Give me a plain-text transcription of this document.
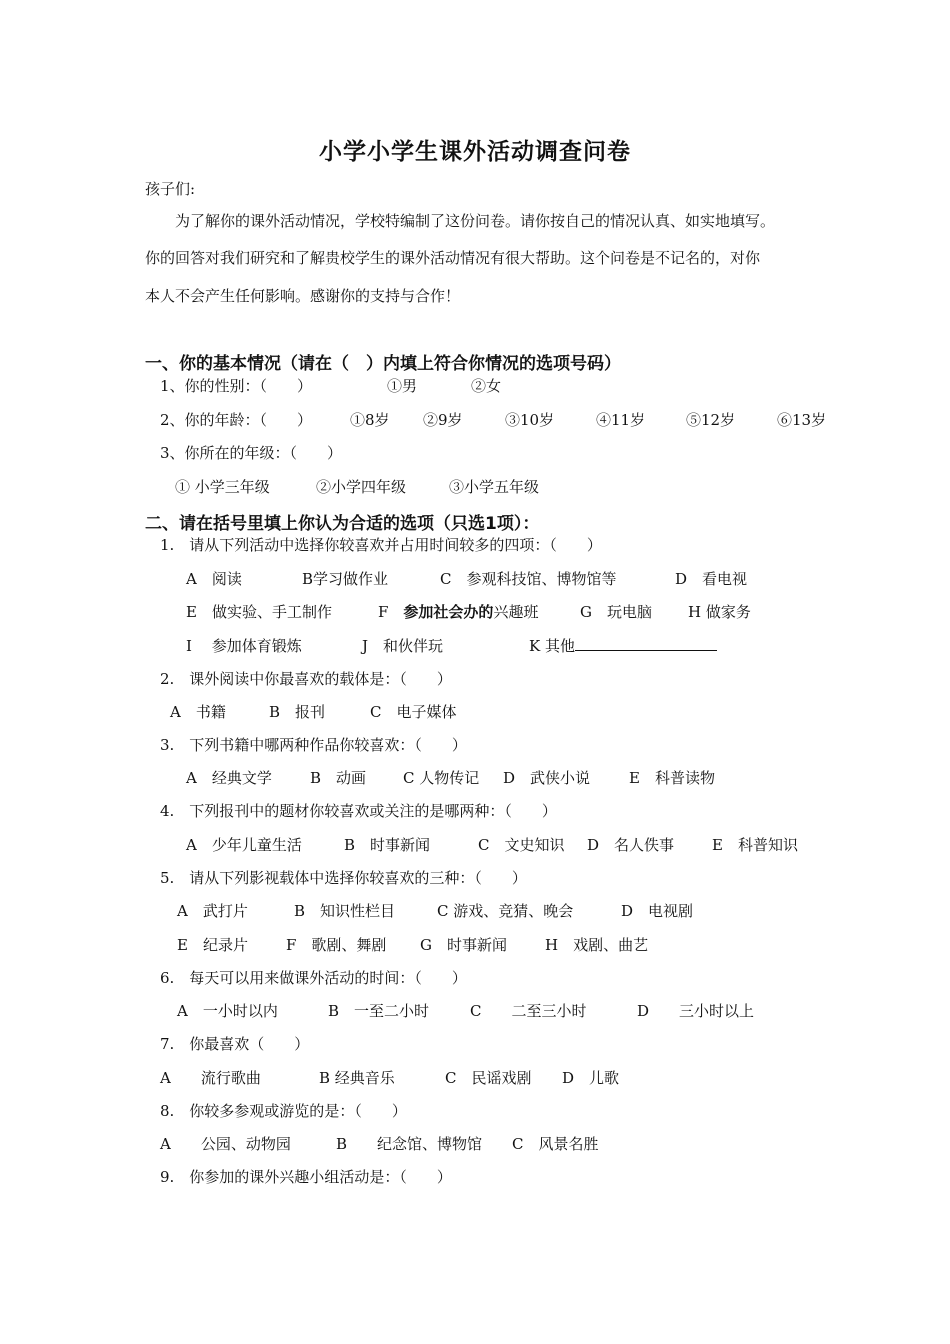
小学小学生课外活动调查问卷
孩子们:
为了解你的课外活动情况，学校特编制了这份问卷。请你按自己的情况认真、如实地填写。
你的回答对我们研究和了解贵校学生的课外活动情况有很大帮助。这个问卷是不记名的，对你
本人不会产生任何影响。感谢你的支持与合作！
一、你的基本情况（请在（　）内填上符合你情况的选项号码）
1、你的性别：（　　）	①男	②女
2、你的年龄：（　　）	①8岁 ②9岁	③10岁	④11岁	⑤12岁	⑥13岁
3、你所在的年级：（　　）
① 小学三年级	②小学四年级	③小学五年级
二、请在括号里填上你认为合适的选项（只选1项）：
1.　请从下列活动中选择你较喜欢并占用时间较多的四项：（　　）
A　阅读	B学习做作业	C　参观科技馆、博物馆等	D　看电视
E　做实验、手工制作	F　参加社会办的兴趣班	G　玩电脑 H 做家务
I　 参加体育锻炼	J　和伙伴玩	K 其他
2.　课外阅读中你最喜欢的载体是：（　　）
A　书籍	B　报刊	C　电子媒体
3.　下列书籍中哪两种作品你较喜欢：（　　）
A　经典文学	B　动画 C 人物传记 D　武侠小说	E　科普读物
4.　下列报刊中的题材你较喜欢或关注的是哪两种：（　　）
A　少年儿童生活	B　时事新闻	C　文史知识 D　名人佚事	E　科普知识
5.　请从下列影视载体中选择你较喜欢的三种：（　　）
A　武打片	B　知识性栏目	C 游戏、竞猜、晚会	D　电视剧
E　纪录片	F　歌剧、舞剧 G　时事新闻	H　戏剧、曲艺
6.　每天可以用来做课外活动的时间：（　　）
A　一小时以内	B　一至二小时	C　　二至三小时	D　　三小时以上
7.　你最喜欢（　　）
A　　流行歌曲	B 经典音乐	C　民谣戏剧 D　儿歌
8.　你较多参观或游览的是：（　　）
A　　公园、动物园	B　　纪念馆、博物馆 C　风景名胜
9.　你参加的课外兴趣小组活动是：（　　）
